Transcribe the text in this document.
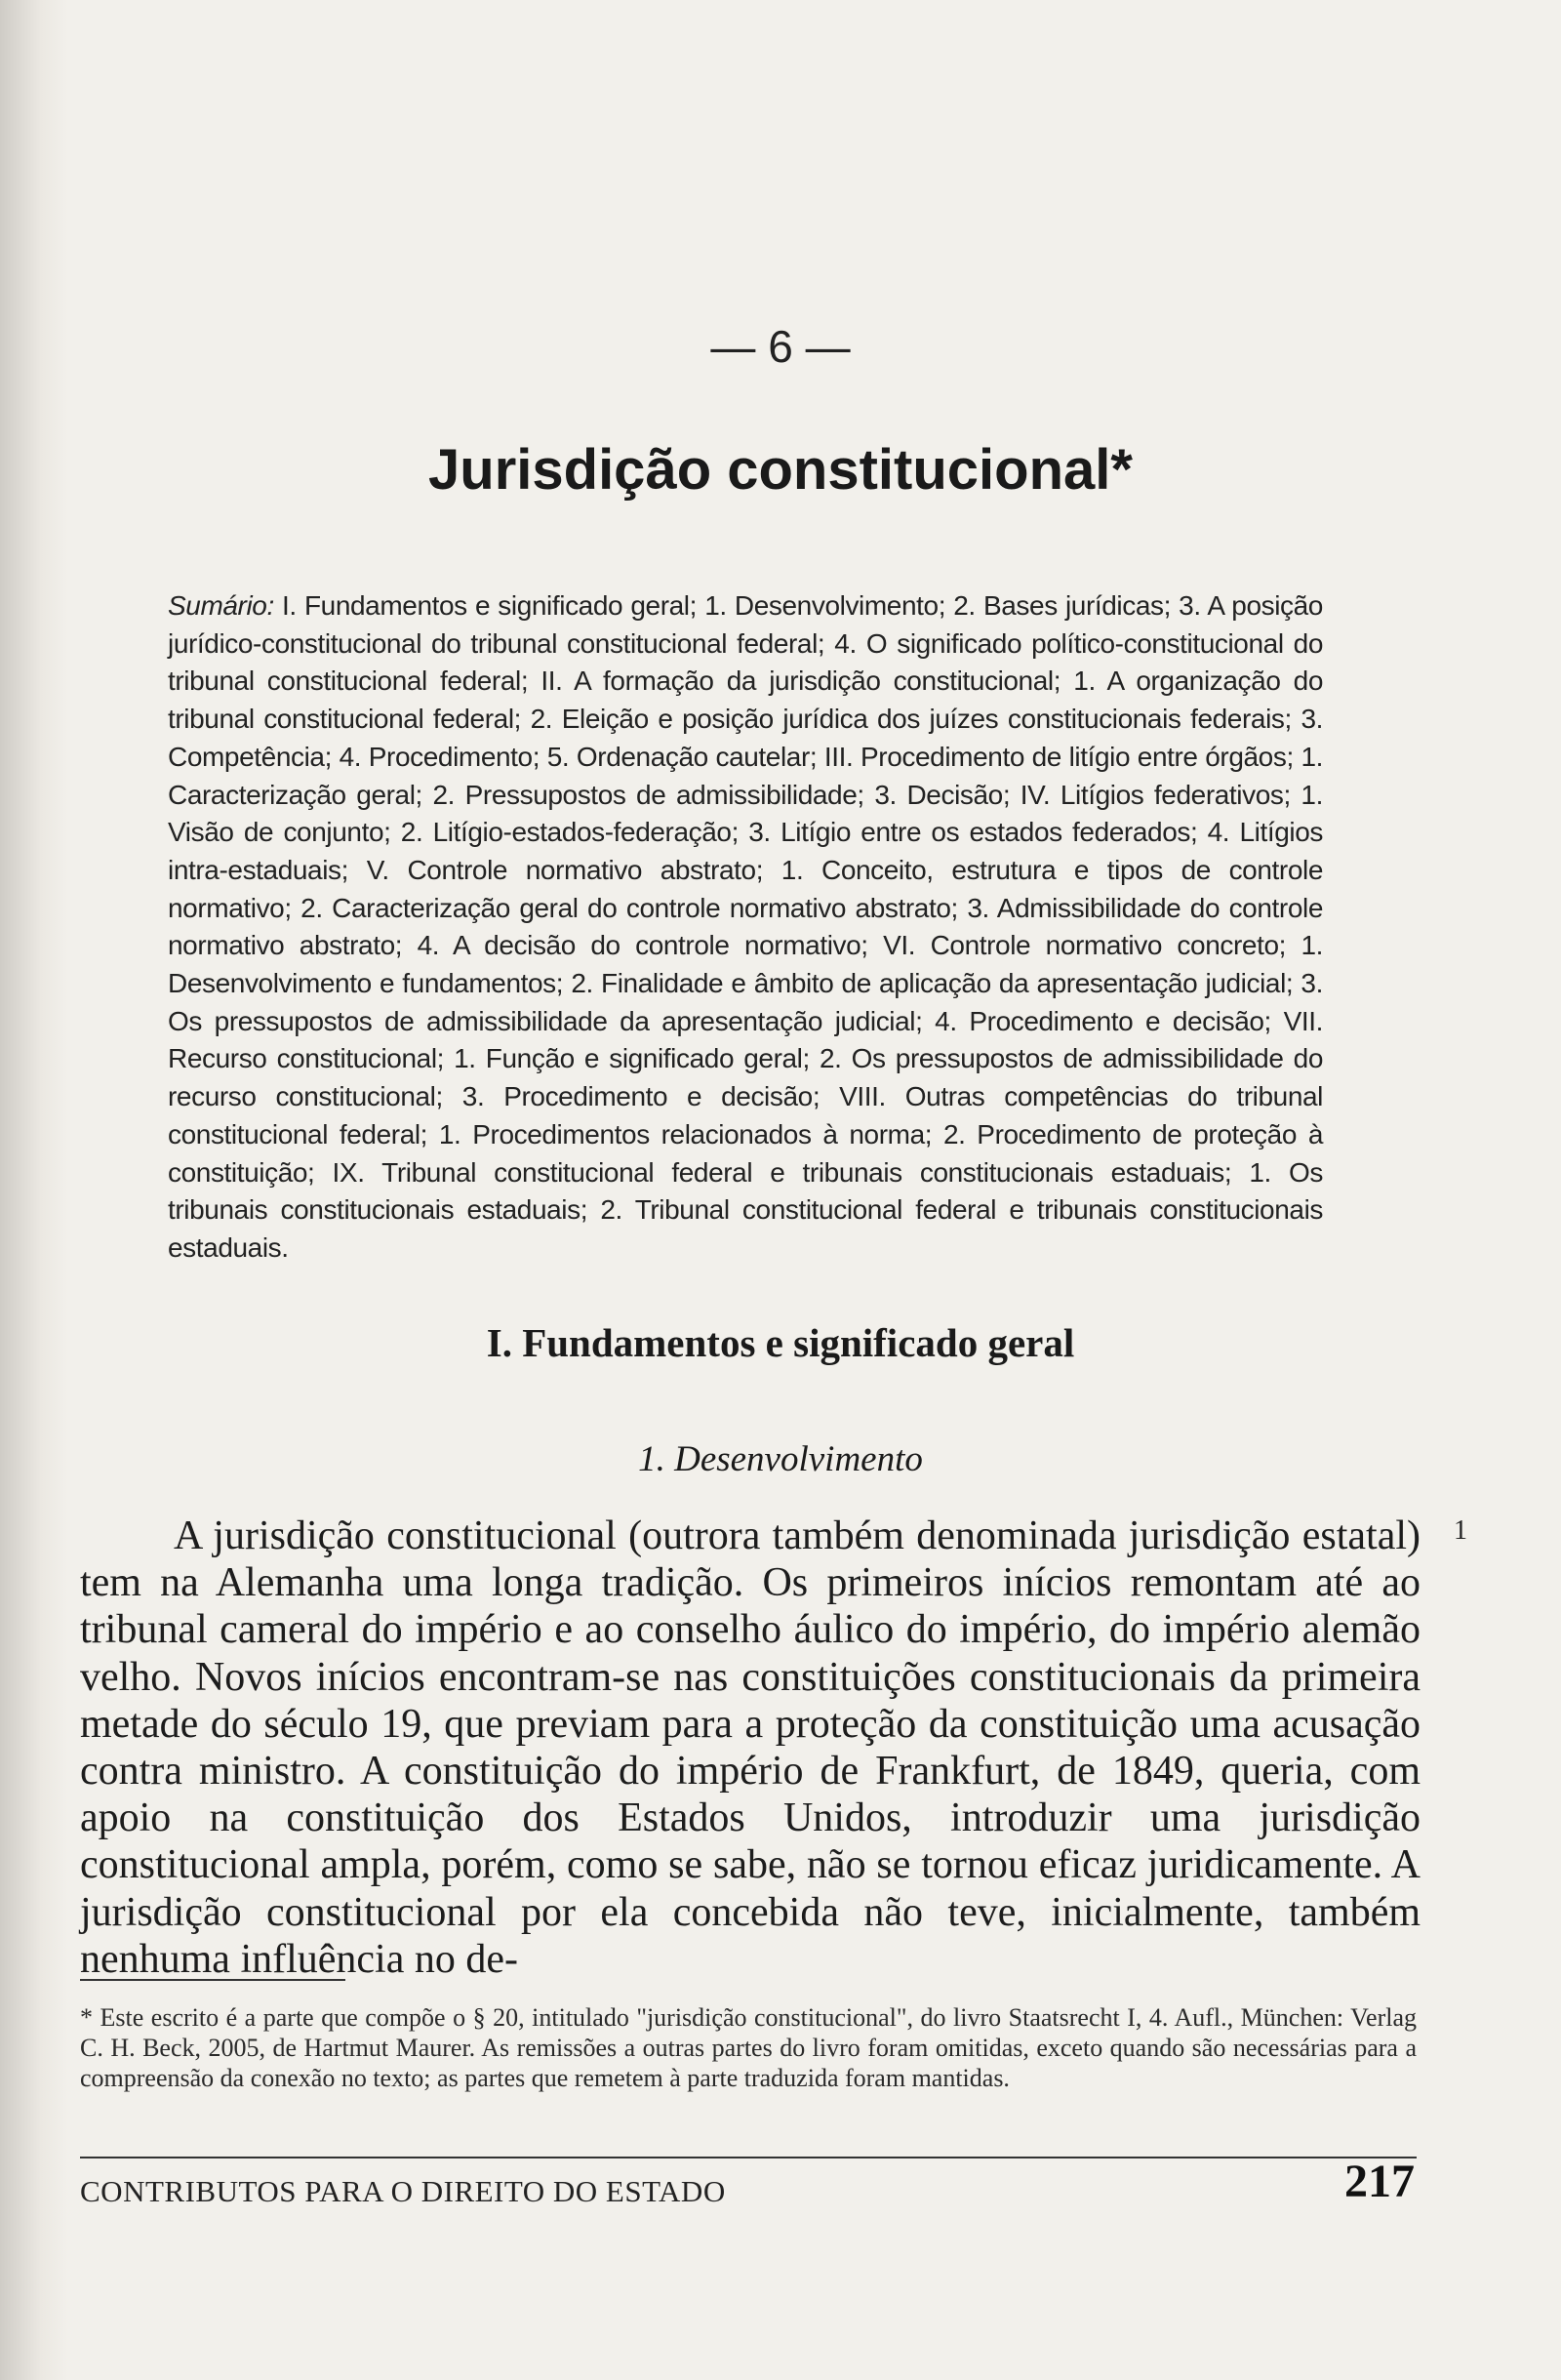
— 6 —
Jurisdição constitucional*

Sumário: I. Fundamentos e significado geral; 1. Desenvolvimento; 2. Bases jurídicas; 3. A posição jurídico-constitucional do tribunal constitucional federal; 4. O significado político-constitucional do tribunal constitucional federal; II. A formação da jurisdição constitucional; 1. A organização do tribunal constitucional federal; 2. Eleição e posição jurídica dos juízes constitucionais federais; 3. Competência; 4. Procedimento; 5. Ordenação cautelar; III. Procedimento de litígio entre órgãos; 1. Caracterização geral; 2. Pressupostos de admissibilidade; 3. Decisão; IV. Litígios federativos; 1. Visão de conjunto; 2. Litígio-estados-federação; 3. Litígio entre os estados federados; 4. Litígios intra-estaduais; V. Controle normativo abstrato; 1. Conceito, estrutura e tipos de controle normativo; 2. Caracterização geral do controle normativo abstrato; 3. Admissibilidade do controle normativo abstrato; 4. A decisão do controle normativo; VI. Controle normativo concreto; 1. Desenvolvimento e fundamentos; 2. Finalidade e âmbito de aplicação da apresentação judicial; 3. Os pressupostos de admissibilidade da apresentação judicial; 4. Procedimento e decisão; VII. Recurso constitucional; 1. Função e significado geral; 2. Os pressupostos de admissibilidade do recurso constitucional; 3. Procedimento e decisão; VIII. Outras competências do tribunal constitucional federal; 1. Procedimentos relacionados à norma; 2. Procedimento de proteção à constituição; IX. Tribunal constitucional federal e tribunais constitucionais estaduais; 1. Os tribunais constitucionais estaduais; 2. Tribunal constitucional federal e tribunais constitucionais estaduais.

I. Fundamentos e significado geral
1. Desenvolvimento

A jurisdição constitucional (outrora também denominada jurisdição estatal) tem na Alemanha uma longa tradição. Os primeiros inícios remontam até ao tribunal cameral do império e ao conselho áulico do império, do império alemão velho. Novos inícios encontram-se nas constituições constitucionais da primeira metade do século 19, que previam para a proteção da constituição uma acusação contra ministro. A constituição do império de Frankfurt, de 1849, queria, com apoio na constituição dos Estados Unidos, introduzir uma jurisdição constitucional ampla, porém, como se sabe, não se tornou eficaz juridicamente. A jurisdição constitucional por ela concebida não teve, inicialmente, também nenhuma influência no de-

1

* Este escrito é a parte que compõe o § 20, intitulado "jurisdição constitucional", do livro Staatsrecht I, 4. Aufl., München: Verlag C. H. Beck, 2005, de Hartmut Maurer. As remissões a outras partes do livro foram omitidas, exceto quando são necessárias para a compreensão da conexão no texto; as partes que remetem à parte traduzida foram mantidas.

CONTRIBUTOS PARA O DIREITO DO ESTADO	217
